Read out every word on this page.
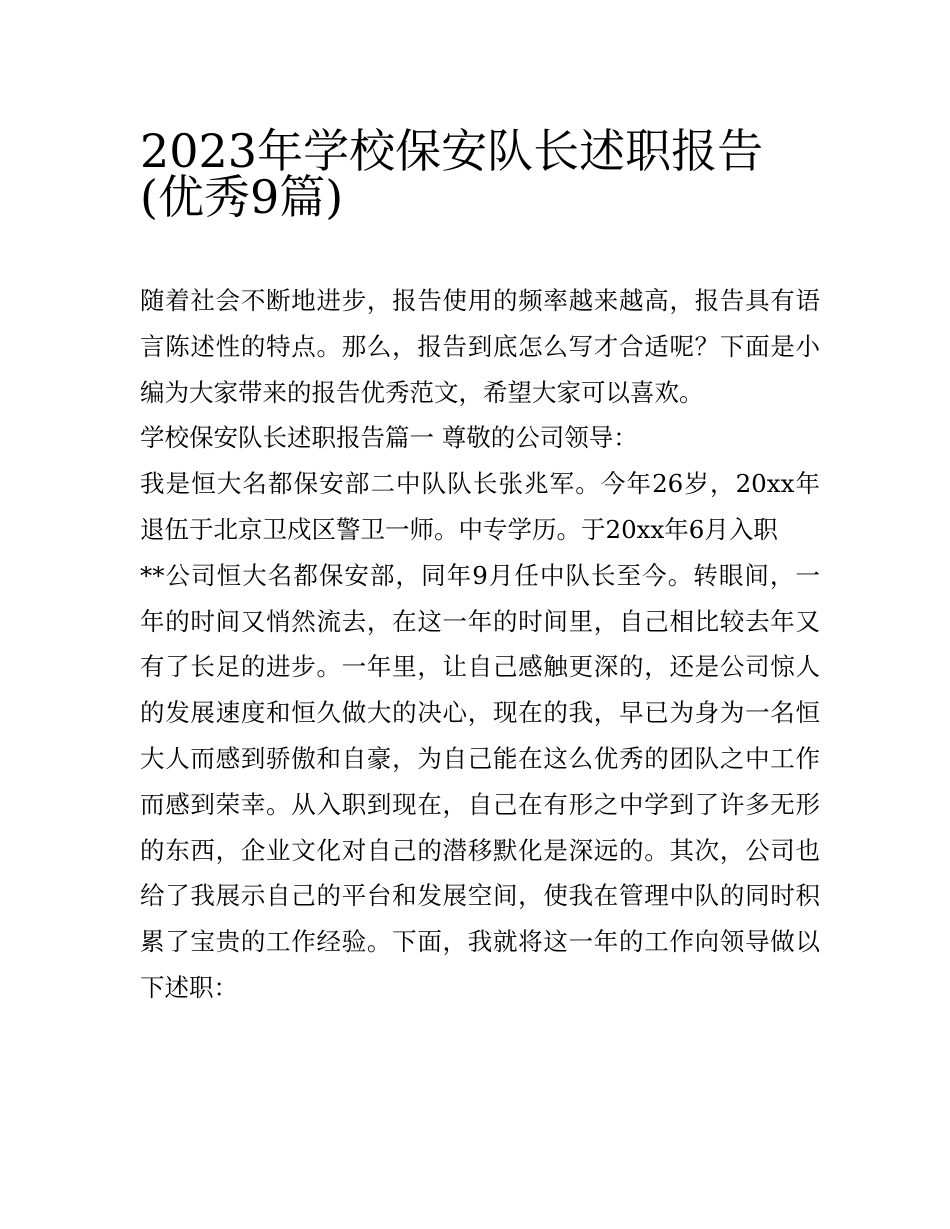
2023年学校保安队长述职报告
(优秀9篇)
随着社会不断地进步，报告使用的频率越来越高，报告具有语
言陈述性的特点。那么，报告到底怎么写才合适呢？下面是小
编为大家带来的报告优秀范文，希望大家可以喜欢。
学校保安队长述职报告篇一 尊敬的公司领导：
我是恒大名都保安部二中队队长张兆军。今年26岁，20xx年
退伍于北京卫戍区警卫一师。中专学历。于20xx年6月入职
**公司恒大名都保安部，同年9月任中队长至今。转眼间，一
年的时间又悄然流去，在这一年的时间里，自己相比较去年又
有了长足的进步。一年里，让自己感触更深的，还是公司惊人
的发展速度和恒久做大的决心，现在的我，早已为身为一名恒
大人而感到骄傲和自豪，为自己能在这么优秀的团队之中工作
而感到荣幸。从入职到现在，自己在有形之中学到了许多无形
的东西，企业文化对自己的潜移默化是深远的。其次，公司也
给了我展示自己的平台和发展空间，使我在管理中队的同时积
累了宝贵的工作经验。下面，我就将这一年的工作向领导做以
下述职：
